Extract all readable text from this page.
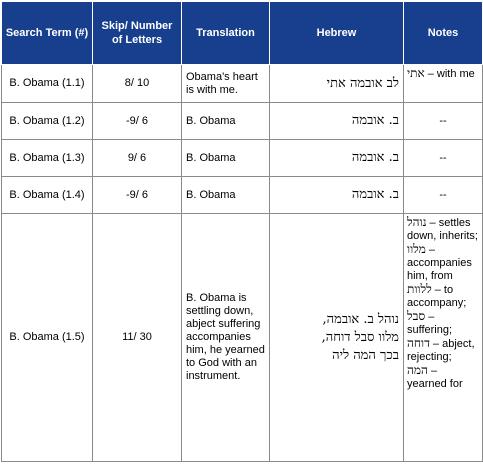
Search Term (#)	Skip/ Number of Letters	Translation	Hebrew	Notes
B. Obama (1.1)	8/ 10	Obama's heart is with me.	לב אובמה אתי	אתי – with me
B. Obama (1.2)	-9/ 6	B. Obama	ב. אובמה	--
B. Obama (1.3)	9/ 6	B. Obama	ב. אובמה	--
B. Obama (1.4)	-9/ 6	B. Obama	ב. אובמה	--
B. Obama (1.5)	11/ 30	B. Obama is settling down, abject suffering accompanies him, he yearned to God with an instrument.	נוהל ב. אובמה,
מלוו סבל דוחה,
בכך המה ליה	נוהל – settles down, inherits;
מלוו – accompanies him, from ללוות – to accompany;
סבל – suffering;
דוחה – abject, rejecting;
המה – yearned for
